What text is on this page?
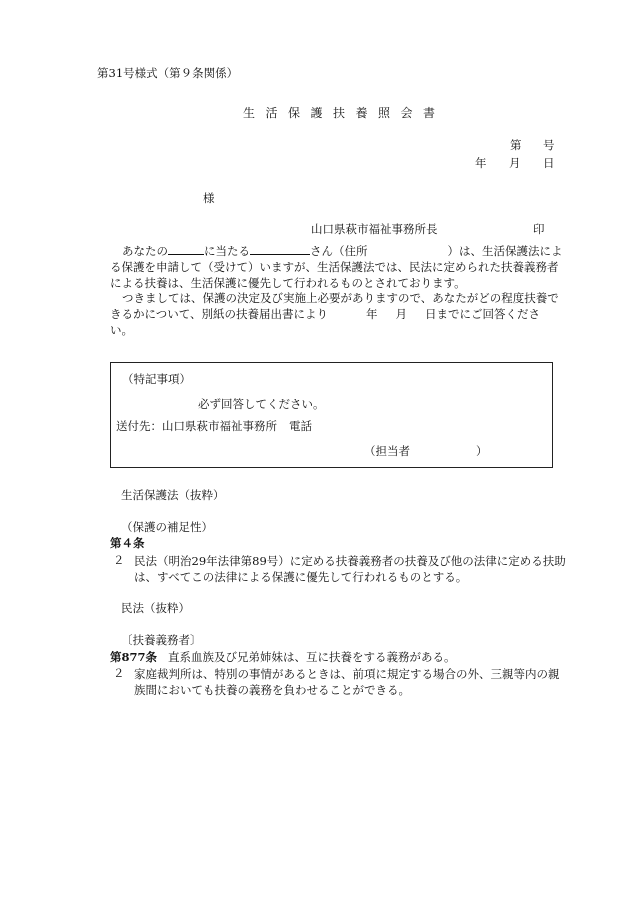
第31号様式（第９条関係）
生活保護扶養照会書
第 号
年 月 日
様
山口県萩市福祉事務所長	印
あなたの	に当たる	さん（住所	）は、生活保護法による保護を申請して（受けて）いますが、生活保護法では、民法に定められた扶養義務者による扶養は、生活保護に優先して行われるものとされております。
つきましては、保護の決定及び実施上必要がありますので、あなたがどの程度扶養できるかについて、別紙の扶養届出書により	年 月 日までにご回答くださ い。
（特記事項）
必ず回答してください。
送付先：山口県萩市福祉事務所 電話
（担当者	）
生活保護法（抜粋）
（保護の補足性）
第４条
２ 民法（明治29年法律第89号）に定める扶養義務者の扶養及び他の法律に定める扶助は、すべてこの法律による保護に優先して行われるものとする。
民法（抜粋）
〔扶養義務者〕
第877条 直系血族及び兄弟姉妹は、互に扶養をする義務がある。
２ 家庭裁判所は、特別の事情があるときは、前項に規定する場合の外、三親等内の親族間においても扶養の義務を負わせることができる。
